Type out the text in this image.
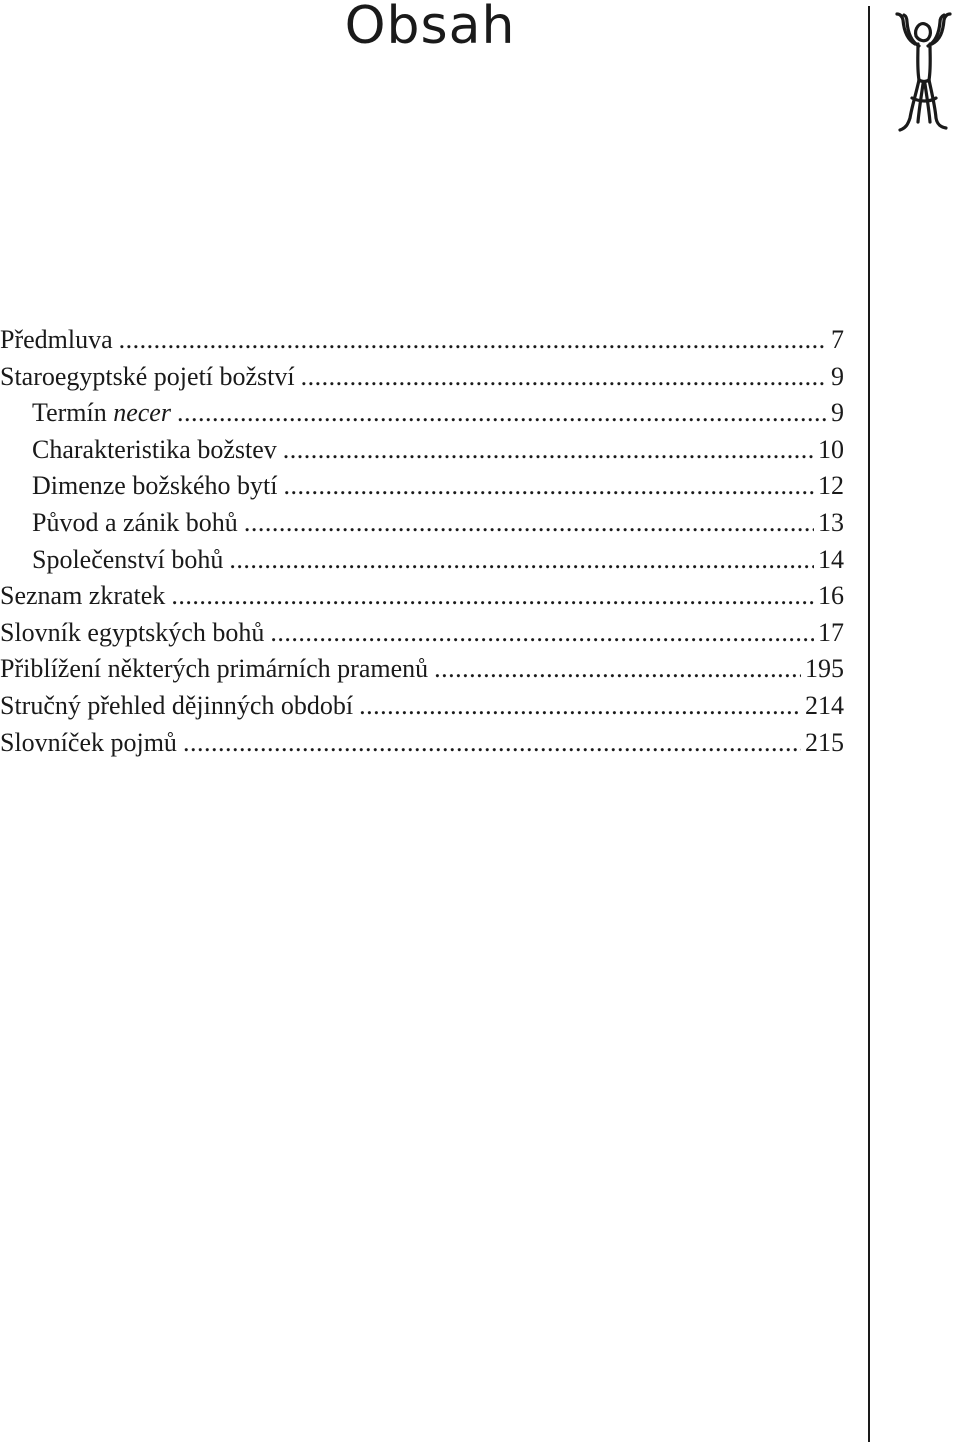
Obsah
Předmluva .....	7
Staroegyptské pojetí božství .....	9
Termín necer .....	9
Charakteristika božstev .....	10
Dimenze božského bytí .....	12
Původ a zánik bohů .....	13
Společenství bohů .....	14
Seznam zkratek .....	16
Slovník egyptských bohů .....	17
Přiblížení některých primárních pramenů .....	195
Stručný přehled dějinných období .....	214
Slovníček pojmů .....	215
